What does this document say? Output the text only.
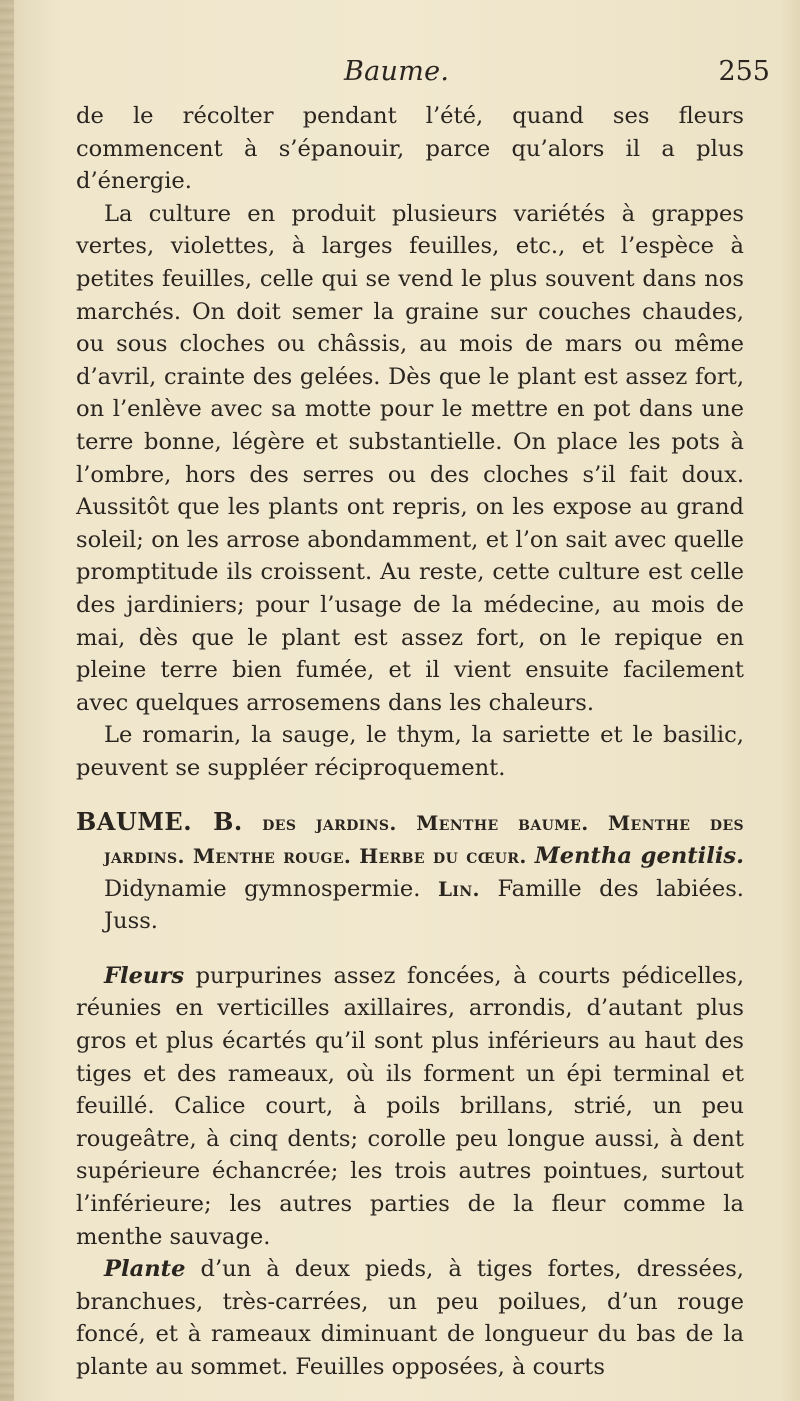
Baume.	255

de le récolter pendant l’été, quand ses fleurs commencent à s’épanouir, parce qu’alors il a plus d’énergie.

La culture en produit plusieurs variétés à grappes vertes, violettes, à larges feuilles, etc., et l’espèce à petites feuilles, celle qui se vend le plus souvent dans nos marchés. On doit semer la graine sur couches chaudes, ou sous cloches ou châssis, au mois de mars ou même d’avril, crainte des gelées. Dès que le plant est assez fort, on l’enlève avec sa motte pour le mettre en pot dans une terre bonne, légère et substantielle. On place les pots à l’ombre, hors des serres ou des cloches s’il fait doux. Aussitôt que les plants ont repris, on les expose au grand soleil; on les arrose abondamment, et l’on sait avec quelle promptitude ils croissent. Au reste, cette culture est celle des jardiniers; pour l’usage de la médecine, au mois de mai, dès que le plant est assez fort, on le repique en pleine terre bien fumée, et il vient ensuite facilement avec quelques arrosemens dans les chaleurs.

Le romarin, la sauge, le thym, la sariette et le basilic, peuvent se suppléer réciproquement.

BAUME. B. des jardins. Menthe baume. Menthe des jardins. Menthe rouge. Herbe du cœur. Mentha gentilis. Didynamie gymnospermie. Lin. Famille des labiées. Juss.

Fleurs purpurines assez foncées, à courts pédicelles, réunies en verticilles axillaires, arrondis, d’autant plus gros et plus écartés qu’il sont plus inférieurs au haut des tiges et des rameaux, où ils forment un épi terminal et feuillé. Calice court, à poils brillans, strié, un peu rougeâtre, à cinq dents; corolle peu longue aussi, à dent supérieure échancrée; les trois autres pointues, surtout l’inférieure; les autres parties de la fleur comme la menthe sauvage.

Plante d’un à deux pieds, à tiges fortes, dressées, branchues, très-carrées, un peu poilues, d’un rouge foncé, et à rameaux diminuant de longueur du bas de la plante au sommet. Feuilles opposées, à courts
